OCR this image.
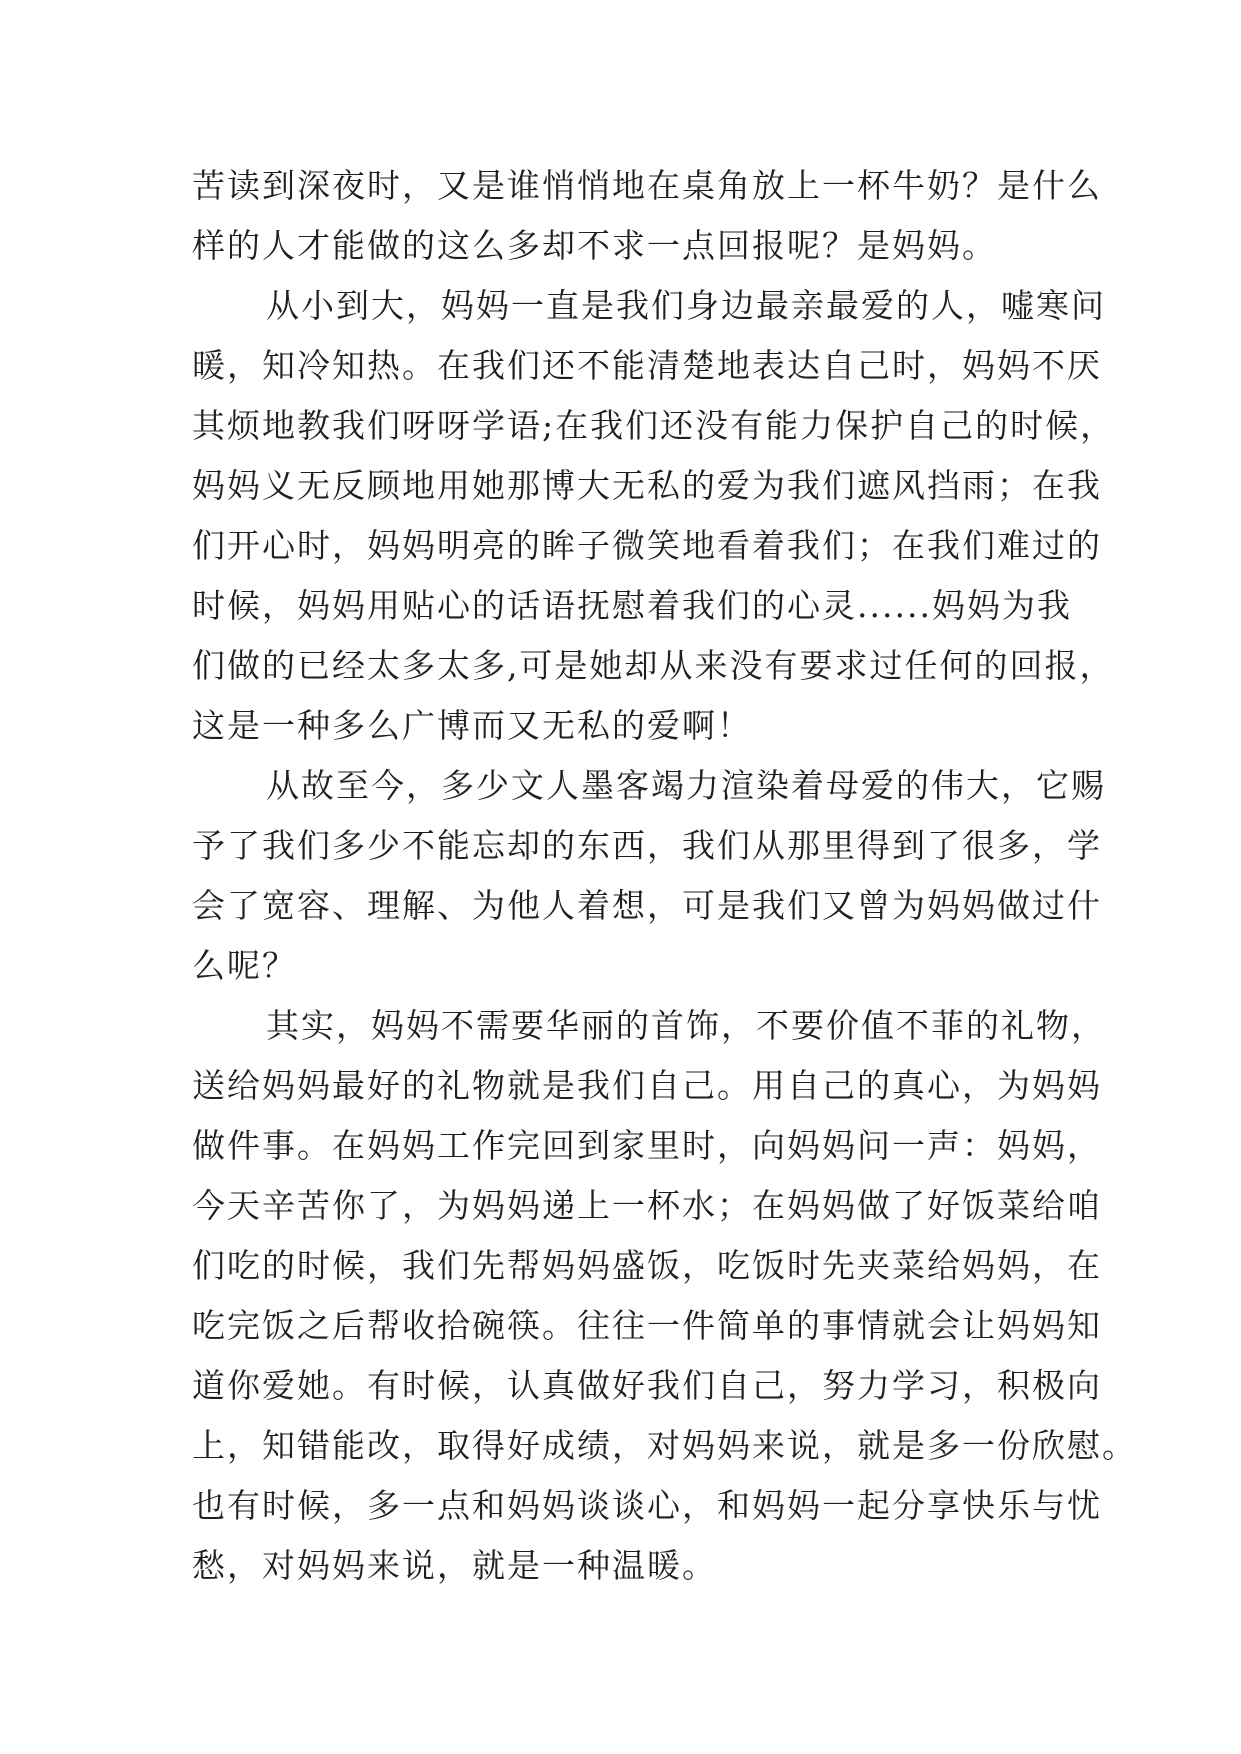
苦读到深夜时，又是谁悄悄地在桌角放上一杯牛奶？是什么
样的人才能做的这么多却不求一点回报呢？是妈妈。
从小到大，妈妈一直是我们身边最亲最爱的人，嘘寒问
暖，知冷知热。在我们还不能清楚地表达自己时，妈妈不厌
其烦地教我们呀呀学语;在我们还没有能力保护自己的时候，
妈妈义无反顾地用她那博大无私的爱为我们遮风挡雨；在我
们开心时，妈妈明亮的眸子微笑地看着我们；在我们难过的
时候，妈妈用贴心的话语抚慰着我们的心灵......妈妈为我
们做的已经太多太多,可是她却从来没有要求过任何的回报，
这是一种多么广博而又无私的爱啊！
从故至今，多少文人墨客竭力渲染着母爱的伟大，它赐
予了我们多少不能忘却的东西，我们从那里得到了很多，学
会了宽容、理解、为他人着想，可是我们又曾为妈妈做过什
么呢？
其实，妈妈不需要华丽的首饰，不要价值不菲的礼物，
送给妈妈最好的礼物就是我们自己。用自己的真心，为妈妈
做件事。在妈妈工作完回到家里时，向妈妈问一声：妈妈，
今天辛苦你了，为妈妈递上一杯水；在妈妈做了好饭菜给咱
们吃的时候，我们先帮妈妈盛饭，吃饭时先夹菜给妈妈，在
吃完饭之后帮收拾碗筷。往往一件简单的事情就会让妈妈知
道你爱她。有时候，认真做好我们自己，努力学习，积极向
上，知错能改，取得好成绩，对妈妈来说，就是多一份欣慰。
也有时候，多一点和妈妈谈谈心，和妈妈一起分享快乐与忧
愁，对妈妈来说，就是一种温暖。
